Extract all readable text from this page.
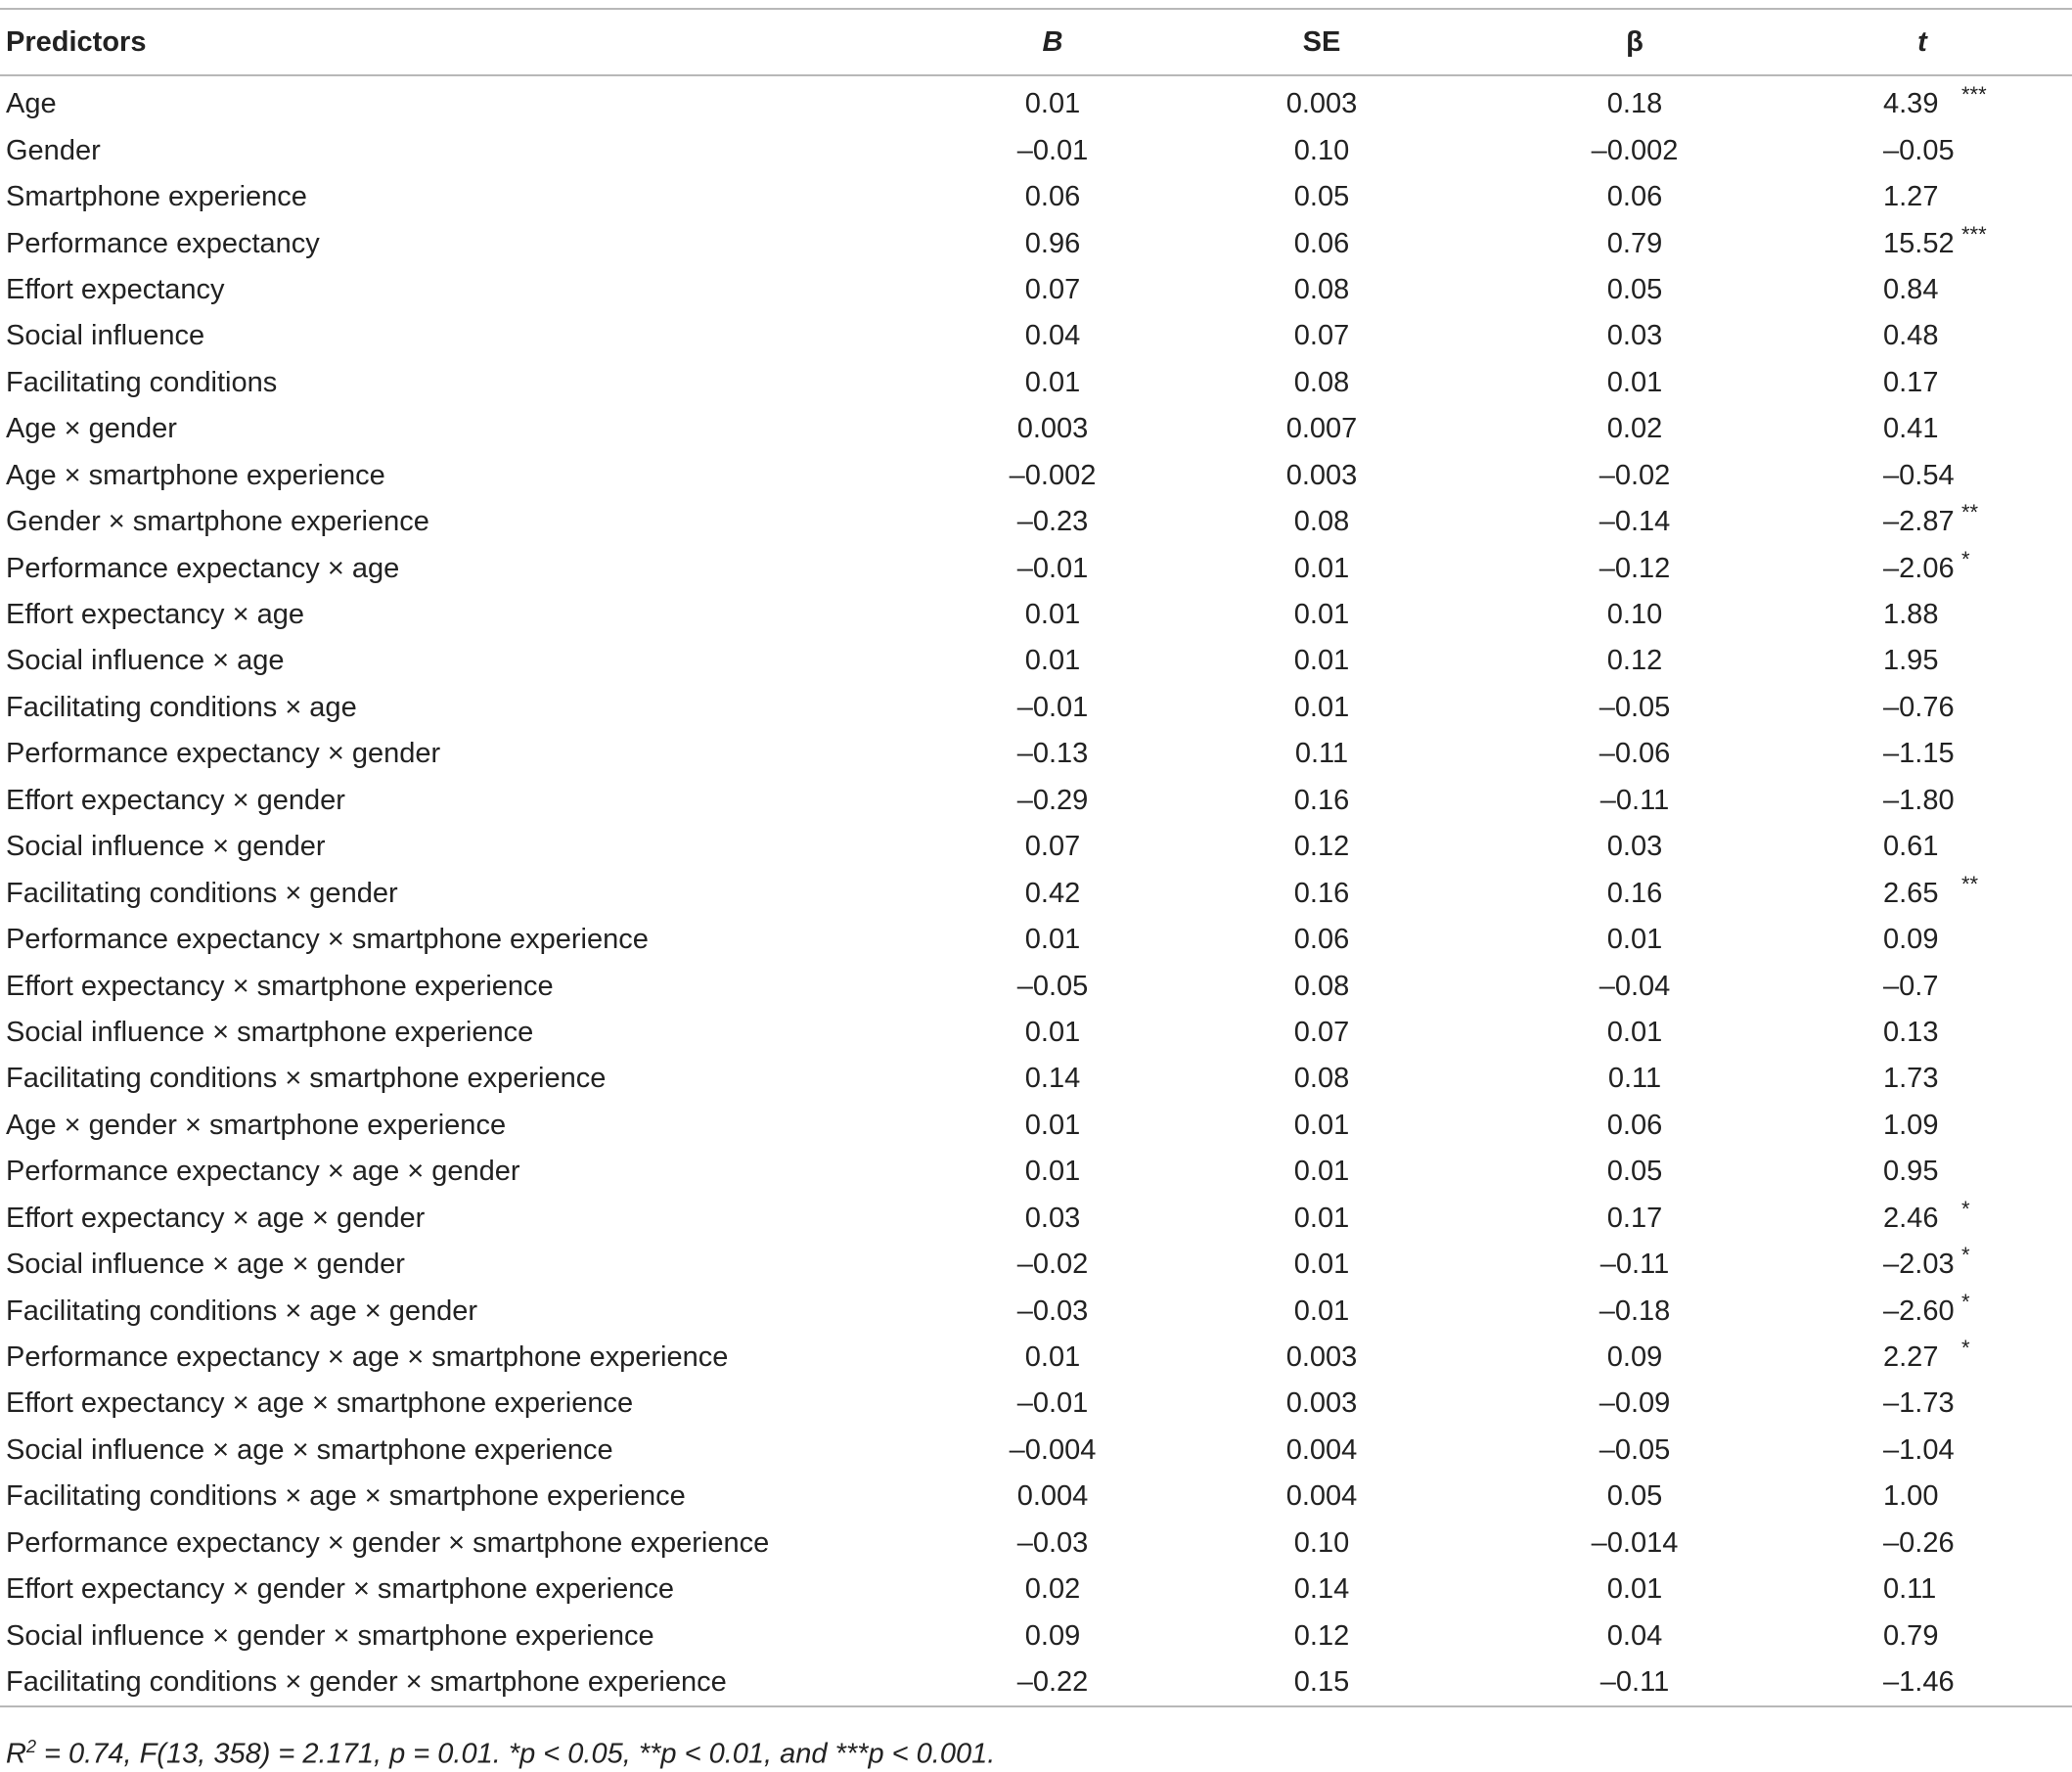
Predictors	B	SE	β	t
Age	0.01	0.003	0.18	4.39 ***

Gender	–0.01	0.10	–0.002	–0.05

Smartphone experience	0.06	0.05	0.06	1.27

Performance expectancy	0.96	0.06	0.79	15.52 ***

Effort expectancy	0.07	0.08	0.05	0.84

Social influence	0.04	0.07	0.03	0.48

Facilitating conditions	0.01	0.08	0.01	0.17

Age × gender	0.003	0.007	0.02	0.41

Age × smartphone experience	–0.002	0.003	–0.02	–0.54

Gender × smartphone experience	–0.23	0.08	–0.14	–2.87 **

Performance expectancy × age	–0.01	0.01	–0.12	–2.06 *

Effort expectancy × age	0.01	0.01	0.10	1.88

Social influence × age	0.01	0.01	0.12	1.95

Facilitating conditions × age	–0.01	0.01	–0.05	–0.76

Performance expectancy × gender	–0.13	0.11	–0.06	–1.15

Effort expectancy × gender	–0.29	0.16	–0.11	–1.80

Social influence × gender	0.07	0.12	0.03	0.61

Facilitating conditions × gender	0.42	0.16	0.16	2.65 **

Performance expectancy × smartphone experience	0.01	0.06	0.01	0.09

Effort expectancy × smartphone experience	–0.05	0.08	–0.04	–0.7

Social influence × smartphone experience	0.01	0.07	0.01	0.13

Facilitating conditions × smartphone experience	0.14	0.08	0.11	1.73

Age × gender × smartphone experience	0.01	0.01	0.06	1.09

Performance expectancy × age × gender	0.01	0.01	0.05	0.95

Effort expectancy × age × gender	0.03	0.01	0.17	2.46 *

Social influence × age × gender	–0.02	0.01	–0.11	–2.03 *

Facilitating conditions × age × gender	–0.03	0.01	–0.18	–2.60 *

Performance expectancy × age × smartphone experience	0.01	0.003	0.09	2.27 *

Effort expectancy × age × smartphone experience	–0.01	0.003	–0.09	–1.73

Social influence × age × smartphone experience	–0.004	0.004	–0.05	–1.04

Facilitating conditions × age × smartphone experience	0.004	0.004	0.05	1.00

Performance expectancy × gender × smartphone experience	–0.03	0.10	–0.014	–0.26

Effort expectancy × gender × smartphone experience	0.02	0.14	0.01	0.11

Social influence × gender × smartphone experience	0.09	0.12	0.04	0.79

Facilitating conditions × gender × smartphone experience	–0.22	0.15	–0.11	–1.46
$R^2 = 0.74$, F(13, 358) = 2.171, p = 0.01. *p < 0.05, **p < 0.01, and ***p < 0.001.
